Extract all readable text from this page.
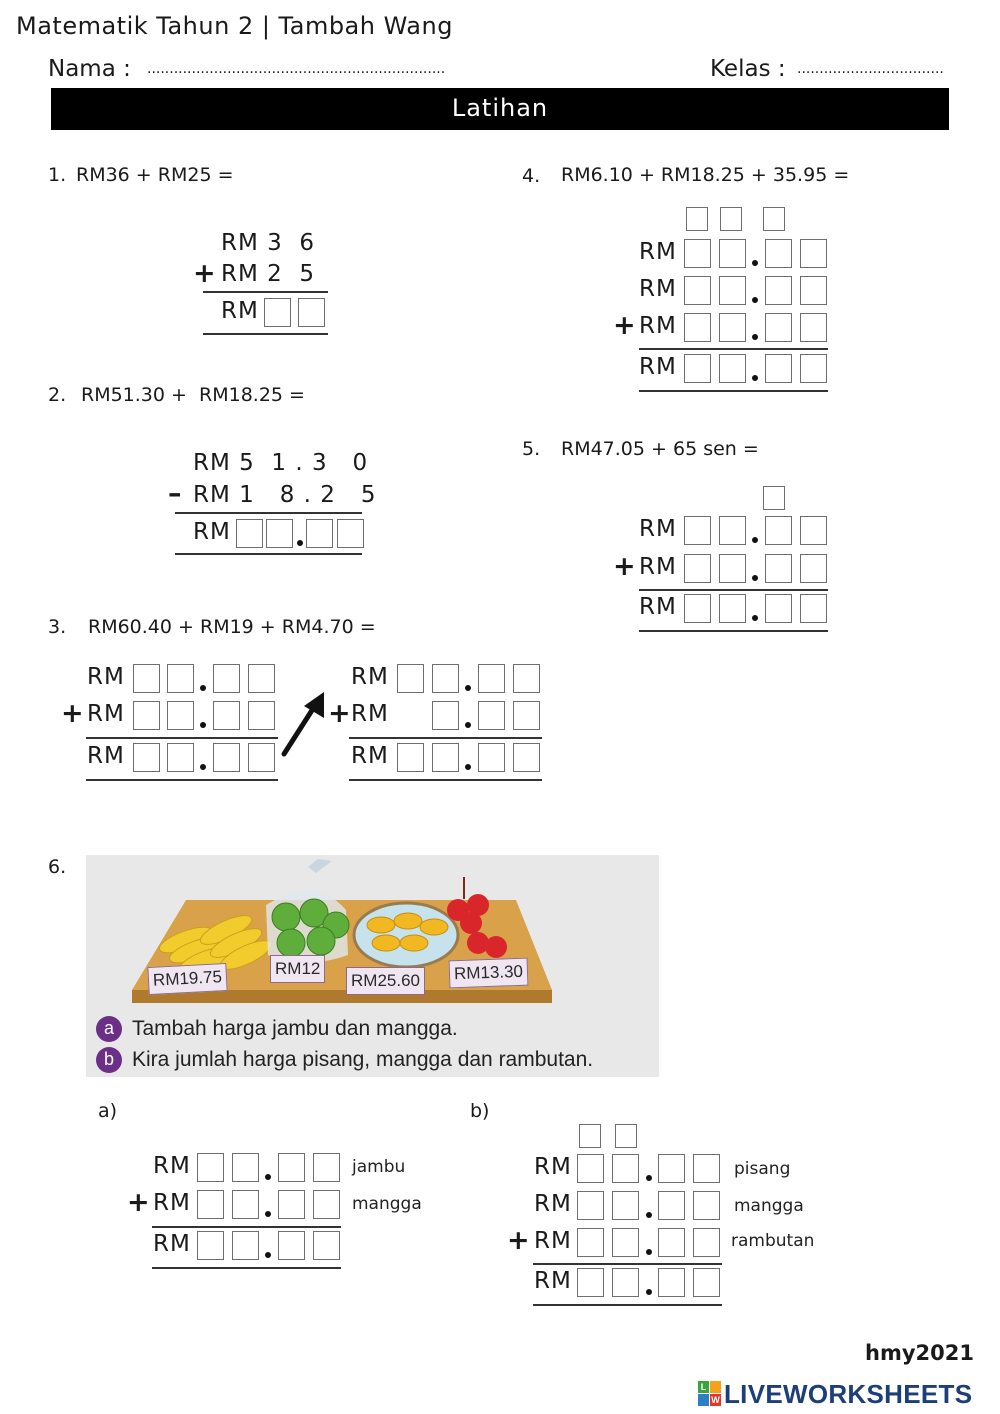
Matematik Tahun 2 | Tambah Wang
Nama : ...................................................................	Kelas : .................................
Latihan
1. RM36 + RM25 =
RM 3  6
+ RM 2  5
RM
2. RM51.30 +  RM18.25 =
RM 5  1 . 3   0
– RM 1   8 . 2   5
RM
3. RM60.40 + RM19 + RM4.70 =
RM
+ RM
RM
RM
+ RM
RM
4. RM6.10 + RM18.25 + 35.95 =
RM
RM
+ RM
RM
5. RM47.05 + 65 sen =
RM
+ RM
RM
6.
RM19.75	RM12
RM25.60	RM13.30
a Tambah harga jambu dan mangga.
b Kira jumlah harga pisang, mangga dan rambutan.
a)
RM	jambu
+ RM	mangga
RM
b)
RM	pisang
RM	mangga
+ RM	rambutan
RM
hmy2021
L
W LIVEWORKSHEETS
